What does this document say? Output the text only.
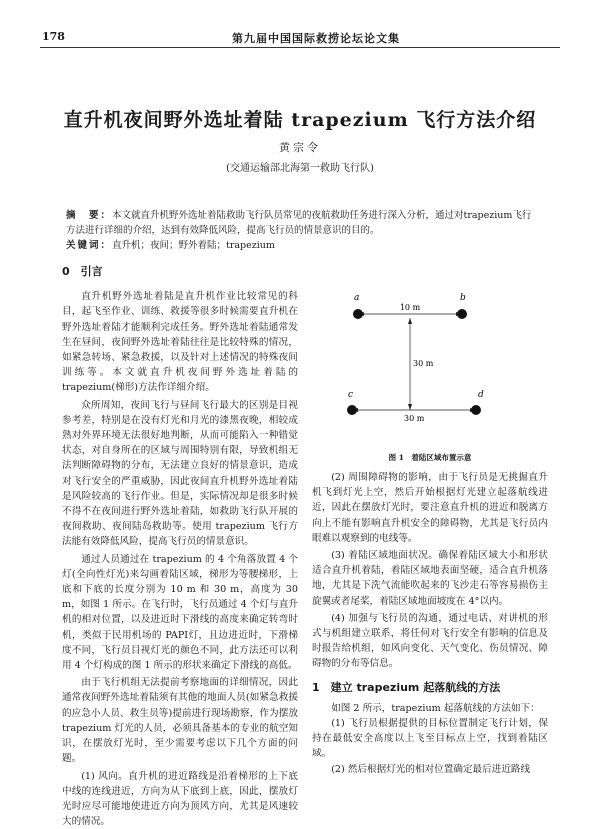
178	第九届中国国际救捞论坛论文集
直升机夜间野外选址着陆 trapezium 飞行方法介绍
黄宗令
(交通运输部北海第一救助飞行队)
摘　要：本文就直升机野外选址着陆救助飞行队员常见的夜航救助任务进行深入分析，通过对trapezium飞行方法进行详细的介绍，达到有效降低风险，提高飞行员的情景意识的目的。
关键词：直升机；夜间；野外着陆；trapezium
0　引言

直升机野外选址着陆是直升机作业比较常见的科目，起飞至作业、训练、救援等很多时候需要直升机在野外选址着陆才能顺利完成任务。野外选址着陆通常发生在昼间，夜间野外选址着陆往往是比较特殊的情况，如紧急转场、紧急救援，以及针对上述情况的特殊夜间训练等。本文就直升机夜间野外选址着陆的 trapezium(梯形)方法作详细介绍。

众所周知，夜间飞行与昼间飞行最大的区别是目视参考差，特别是在没有灯光和月光的漆黑夜晚，相较成熟对外界环境无法很好地判断，从而可能陷入一种错觉状态，对自身所在的区域与周围特别有限，导致机组无法判断障碍物的分布，无法建立良好的情景意识，造成对飞行安全的严重威胁，因此夜间直升机野外选址着陆是风险较高的飞行作业。但是，实际情况却是很多时候不得不在夜间进行野外选址着陆，如救助飞行队开展的夜间救助、夜间陆岛救助等。使用 trapezium 飞行方法能有效降低风险，提高飞行员的情景意识。

通过人员通过在 trapezium 的 4 个角落放置 4 个灯(全向性灯光)来勾画着陆区域，梯形为等腰梯形，上底和下底的长度分别为 10 m 和 30 m，高度为 30 m，如图 1 所示。在飞行时，飞行员通过 4 个灯与直升机的相对位置，以及进近时下滑线的高度来确定转弯时机，类似于民用机场的 PAPI灯，且边进近时，下滑梯度不同，飞行员目视灯光的颜色不同，此方法还可以利用 4 个灯构成的图 1 所示的形状来确定下滑线的高低。

由于飞行机组无法提前考察地面的详细情况，因此通常夜间野外选址着陆须有其他的地面人员(如紧急救援的应急小人员、救生员等)提前进行现场勘察，作为摆放 trapezium 灯光的人员，必须具备基本的专业的航空知识，在摆放灯光时，至少需要考虑以下几个方面的问题。

(1) 风向。直升机的进近路线是沿着梯形的上下底中线的连线进近，方向为从下底到上底，因此，摆放灯光时应尽可能地使进近方向为顶风方向，尤其是风速较大的情况。

10 m
30 m
30 m
a	b
c	d
图 1　着陆区域布置示意

(2) 周围障碍物的影响，由于飞行员是无挑掘直升机飞到灯光上空，然后开始根据灯光建立起落航线进近，因此在摆放灯光时，要注意直升机的进近和脱离方向上不能有影响直升机安全的障碍物，尤其是飞行员内眼难以观察到的电线等。

(3) 着陆区域地面状况。确保着陆区域大小和形状适合直升机着陆，着陆区域地表面坚硬，适合直升机落地，尤其是下洗气流能吹起来的飞沙走石等容易损伤主旋翼或者尾桨，着陆区域地面坡度在 4°以内。

(4) 加强与飞行员的沟通，通过电话、对讲机的形式与机组建立联系，将任何对飞行安全有影响的信息及时报告给机组，如风向变化、天气变化、伤员情况、障碍物的分布等信息。

1　建立 trapezium 起落航线的方法

如图 2 所示，trapezium 起落航线的方法如下：

(1) 飞行员根据提供的目标位置制定飞行计划，保持在最低安全高度以上飞至目标点上空，找到着陆区域。

(2) 然后根据灯光的相对位置确定最后进近路线
